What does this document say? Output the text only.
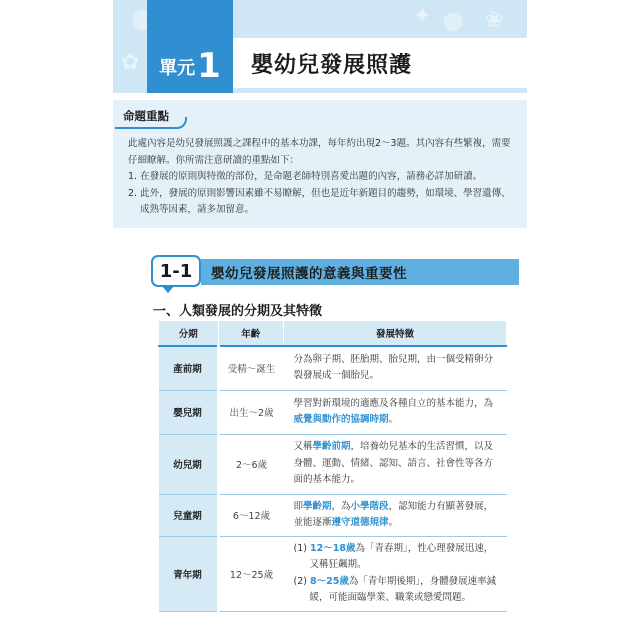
✿
✦ ❀
單元 1 嬰幼兒發展照護
命題重點

此處內容是幼兒發展照護之課程中的基本功課，每年約出現2〜3題。其內容有些繁複，需要仔細瞭解。你所需注意研讀的重點如下：

1. 在發展的原則與特徵的部份，是命題老師特別喜愛出題的內容，請務必詳加研讀。

2. 此外，發展的原則影響因素雖不易瞭解，但也是近年新題目的趨勢，如環境、學習遺傳、成熟等因素，請多加留意。

1-1	嬰幼兒發展照護的意義與重要性
一、人類發展的分期及其特徵
分期	年齡	發展特徵
產前期	受精〜誕生	分為卵子期、胚胎期、胎兒期，由一個受精卵分裂發展成一個胎兒。
嬰兒期	出生〜2歲	學習對新環境的適應及各種自立的基本能力，為威覺與動作的協調時期。
幼兒期	2〜6歲	又稱學齡前期，培養幼兒基本的生活習慣，以及身體、運動、情緒、認知、語言、社會性等各方面的基本能力。
兒童期	6〜12歲	即學齡期，為小學階段，認知能力有顯著發展，並能逐漸遵守道德規律。
青年期	12〜25歲	(1) 12〜18歲為「青春期」，性心理發展迅速，又稱狂飆期。
(2) 8〜25歲為「青年期後期」，身體發展速率減緩，可能面臨學業、職業或戀愛問題。
